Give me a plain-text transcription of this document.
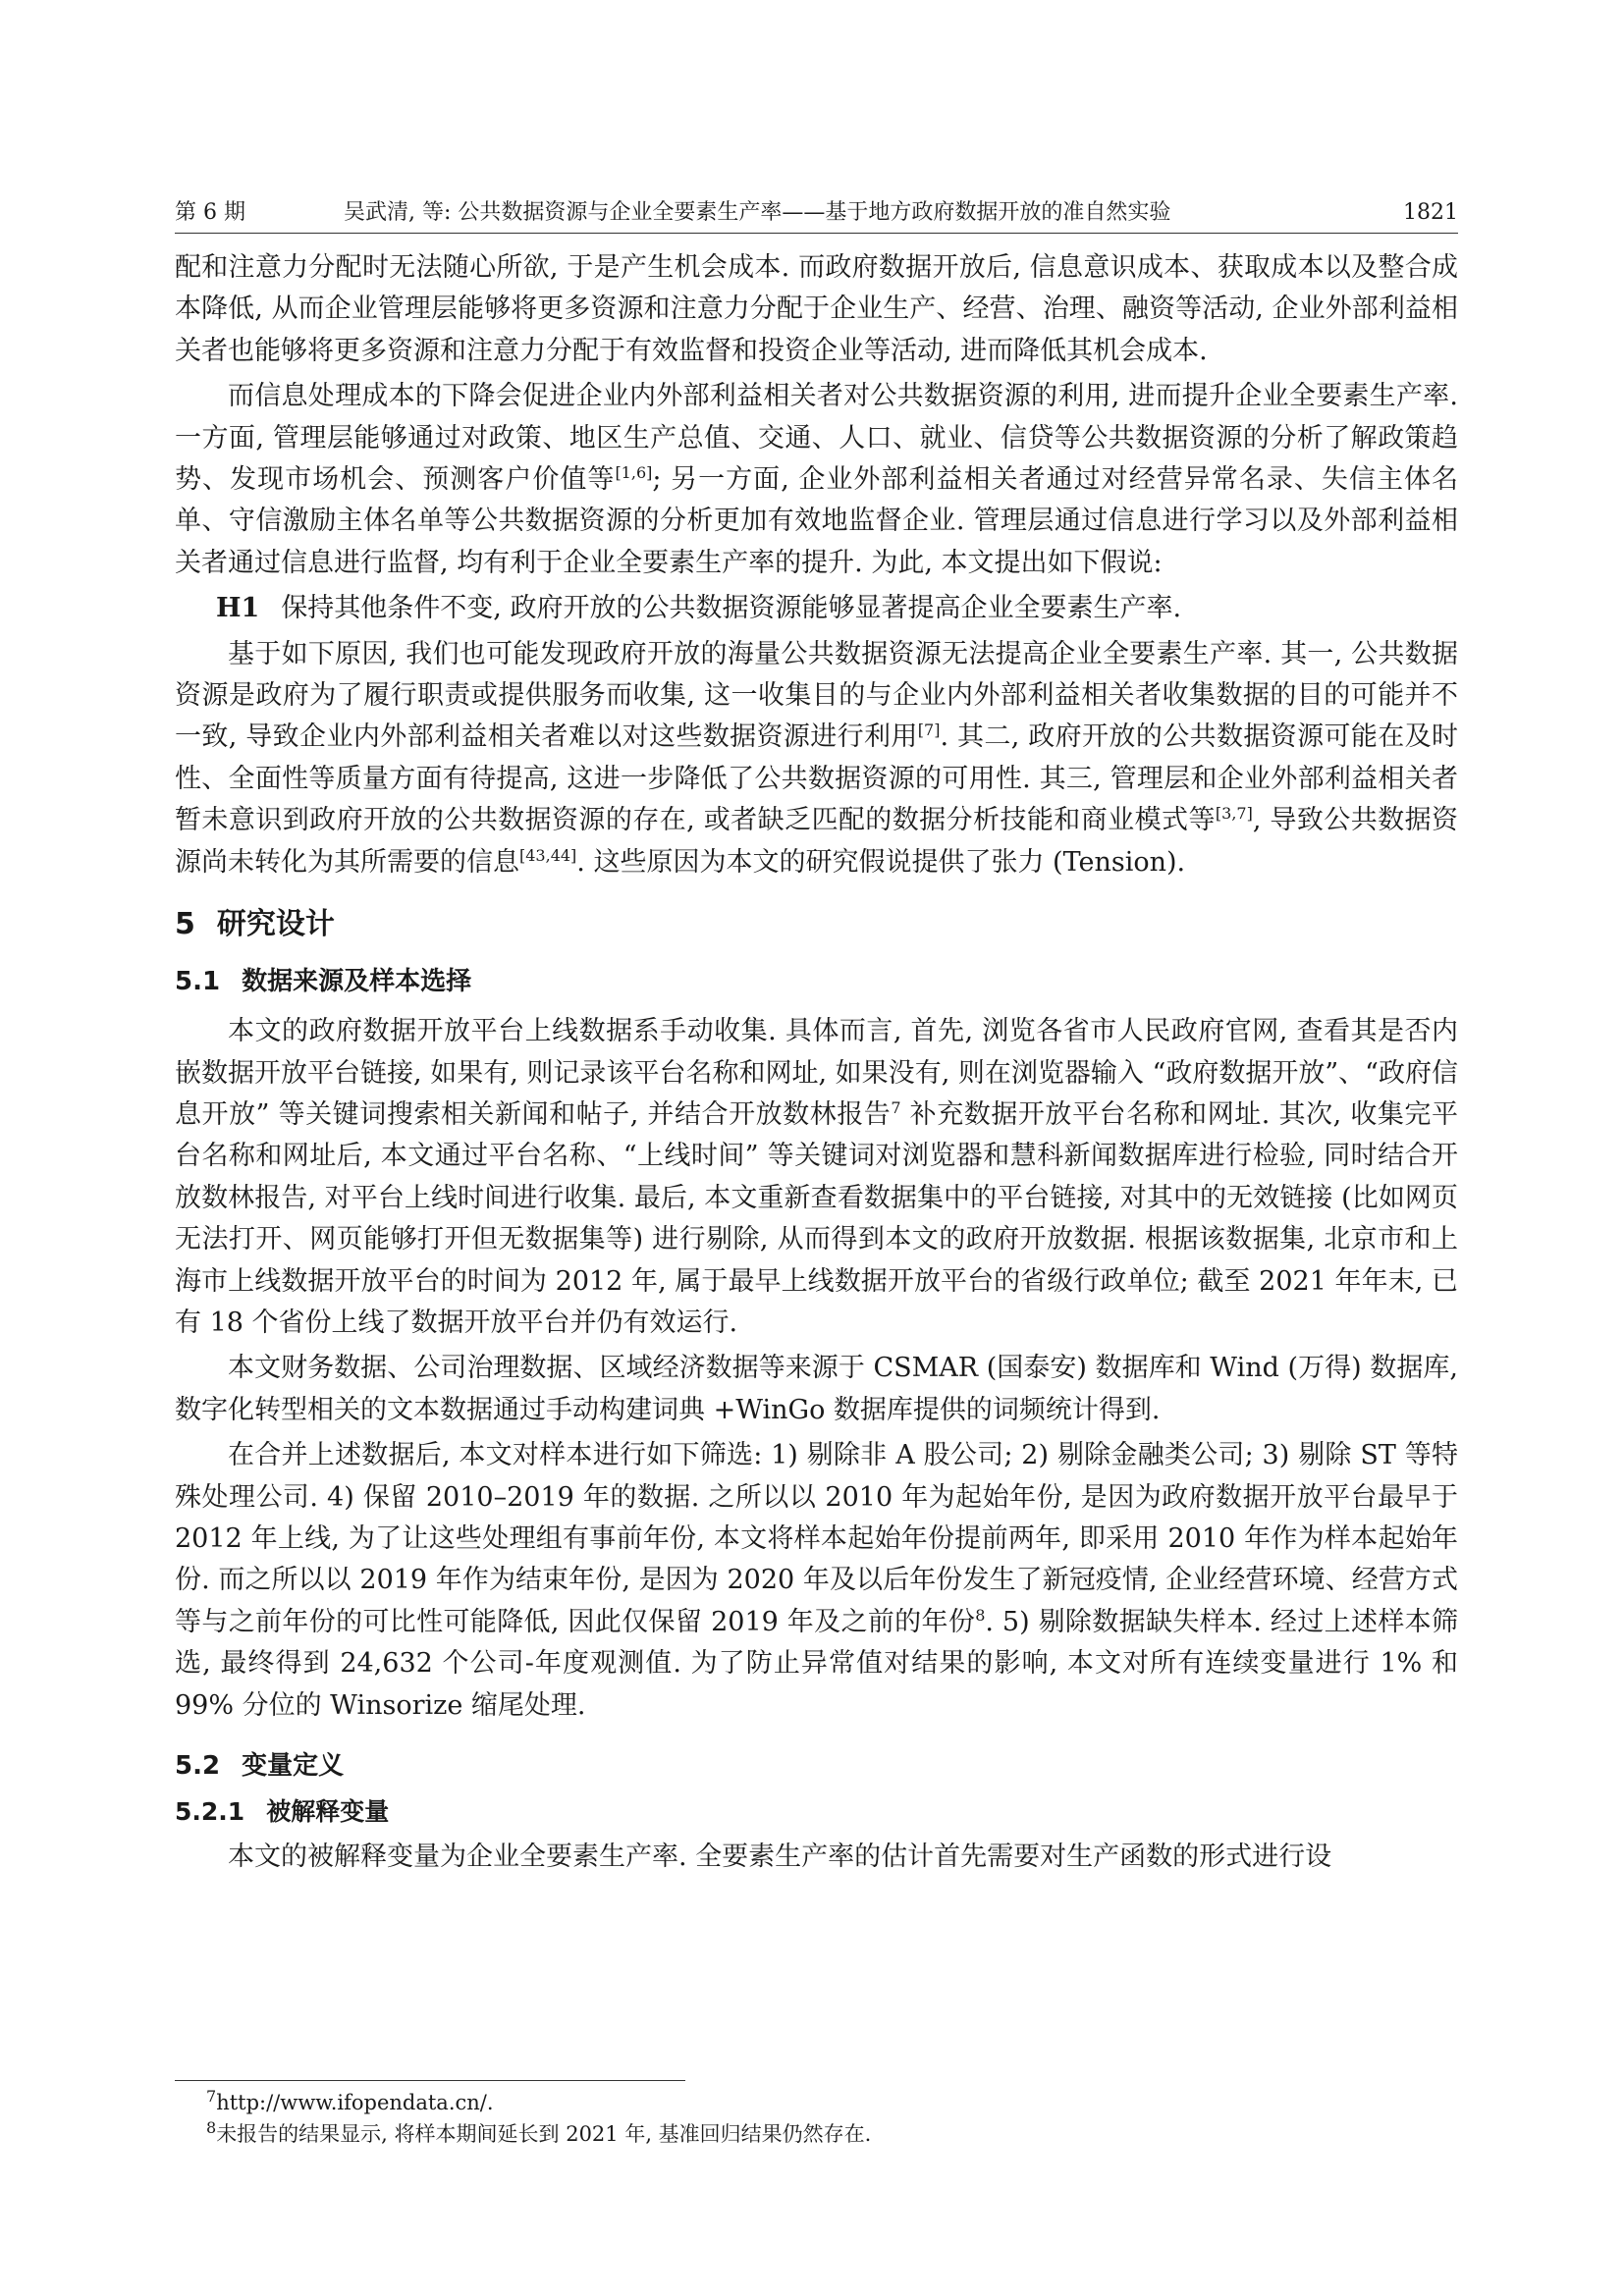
第 6 期	吴武清, 等: 公共数据资源与企业全要素生产率——基于地方政府数据开放的准自然实验	1821

配和注意力分配时无法随心所欲, 于是产生机会成本. 而政府数据开放后, 信息意识成本、获取成本以及整合成本降低, 从而企业管理层能够将更多资源和注意力分配于企业生产、经营、治理、融资等活动, 企业外部利益相关者也能够将更多资源和注意力分配于有效监督和投资企业等活动, 进而降低其机会成本.

而信息处理成本的下降会促进企业内外部利益相关者对公共数据资源的利用, 进而提升企业全要素生产率. 一方面, 管理层能够通过对政策、地区生产总值、交通、人口、就业、信贷等公共数据资源的分析了解政策趋势、发现市场机会、预测客户价值等[1,6]; 另一方面, 企业外部利益相关者通过对经营异常名录、失信主体名单、守信激励主体名单等公共数据资源的分析更加有效地监督企业. 管理层通过信息进行学习以及外部利益相关者通过信息进行监督, 均有利于企业全要素生产率的提升. 为此, 本文提出如下假说:

H1 保持其他条件不变, 政府开放的公共数据资源能够显著提高企业全要素生产率.

基于如下原因, 我们也可能发现政府开放的海量公共数据资源无法提高企业全要素生产率. 其一, 公共数据资源是政府为了履行职责或提供服务而收集, 这一收集目的与企业内外部利益相关者收集数据的目的可能并不一致, 导致企业内外部利益相关者难以对这些数据资源进行利用[7]. 其二, 政府开放的公共数据资源可能在及时性、全面性等质量方面有待提高, 这进一步降低了公共数据资源的可用性. 其三, 管理层和企业外部利益相关者暂未意识到政府开放的公共数据资源的存在, 或者缺乏匹配的数据分析技能和商业模式等[3,7], 导致公共数据资源尚未转化为其所需要的信息[43,44]. 这些原因为本文的研究假说提供了张力 (Tension).

5 研究设计
5.1 数据来源及样本选择

本文的政府数据开放平台上线数据系手动收集. 具体而言, 首先, 浏览各省市人民政府官网, 查看其是否内嵌数据开放平台链接, 如果有, 则记录该平台名称和网址, 如果没有, 则在浏览器输入 “政府数据开放”、“政府信息开放” 等关键词搜索相关新闻和帖子, 并结合开放数林报告$^7$ 补充数据开放平台名称和网址. 其次, 收集完平台名称和网址后, 本文通过平台名称、“上线时间” 等关键词对浏览器和慧科新闻数据库进行检验, 同时结合开放数林报告, 对平台上线时间进行收集. 最后, 本文重新查看数据集中的平台链接, 对其中的无效链接 (比如网页无法打开、网页能够打开但无数据集等) 进行剔除, 从而得到本文的政府开放数据. 根据该数据集, 北京市和上海市上线数据开放平台的时间为 2012 年, 属于最早上线数据开放平台的省级行政单位; 截至 2021 年年末, 已有 18 个省份上线了数据开放平台并仍有效运行.

本文财务数据、公司治理数据、区域经济数据等来源于 CSMAR (国泰安) 数据库和 Wind (万得) 数据库, 数字化转型相关的文本数据通过手动构建词典 +WinGo 数据库提供的词频统计得到.

在合并上述数据后, 本文对样本进行如下筛选: 1) 剔除非 A 股公司; 2) 剔除金融类公司; 3) 剔除 ST 等特殊处理公司. 4) 保留 2010–2019 年的数据. 之所以以 2010 年为起始年份, 是因为政府数据开放平台最早于 2012 年上线, 为了让这些处理组有事前年份, 本文将样本起始年份提前两年, 即采用 2010 年作为样本起始年份. 而之所以以 2019 年作为结束年份, 是因为 2020 年及以后年份发生了新冠疫情, 企业经营环境、经营方式等与之前年份的可比性可能降低, 因此仅保留 2019 年及之前的年份$^8$. 5) 剔除数据缺失样本. 经过上述样本筛选, 最终得到 24,632 个公司-年度观测值. 为了防止异常值对结果的影响, 本文对所有连续变量进行 1% 和 99% 分位的 Winsorize 缩尾处理.

5.2 变量定义
5.2.1 被解释变量

本文的被解释变量为企业全要素生产率. 全要素生产率的估计首先需要对生产函数的形式进行设

$^7$http://www.ifopendata.cn/.
$^8$未报告的结果显示, 将样本期间延长到 2021 年, 基准回归结果仍然存在.
